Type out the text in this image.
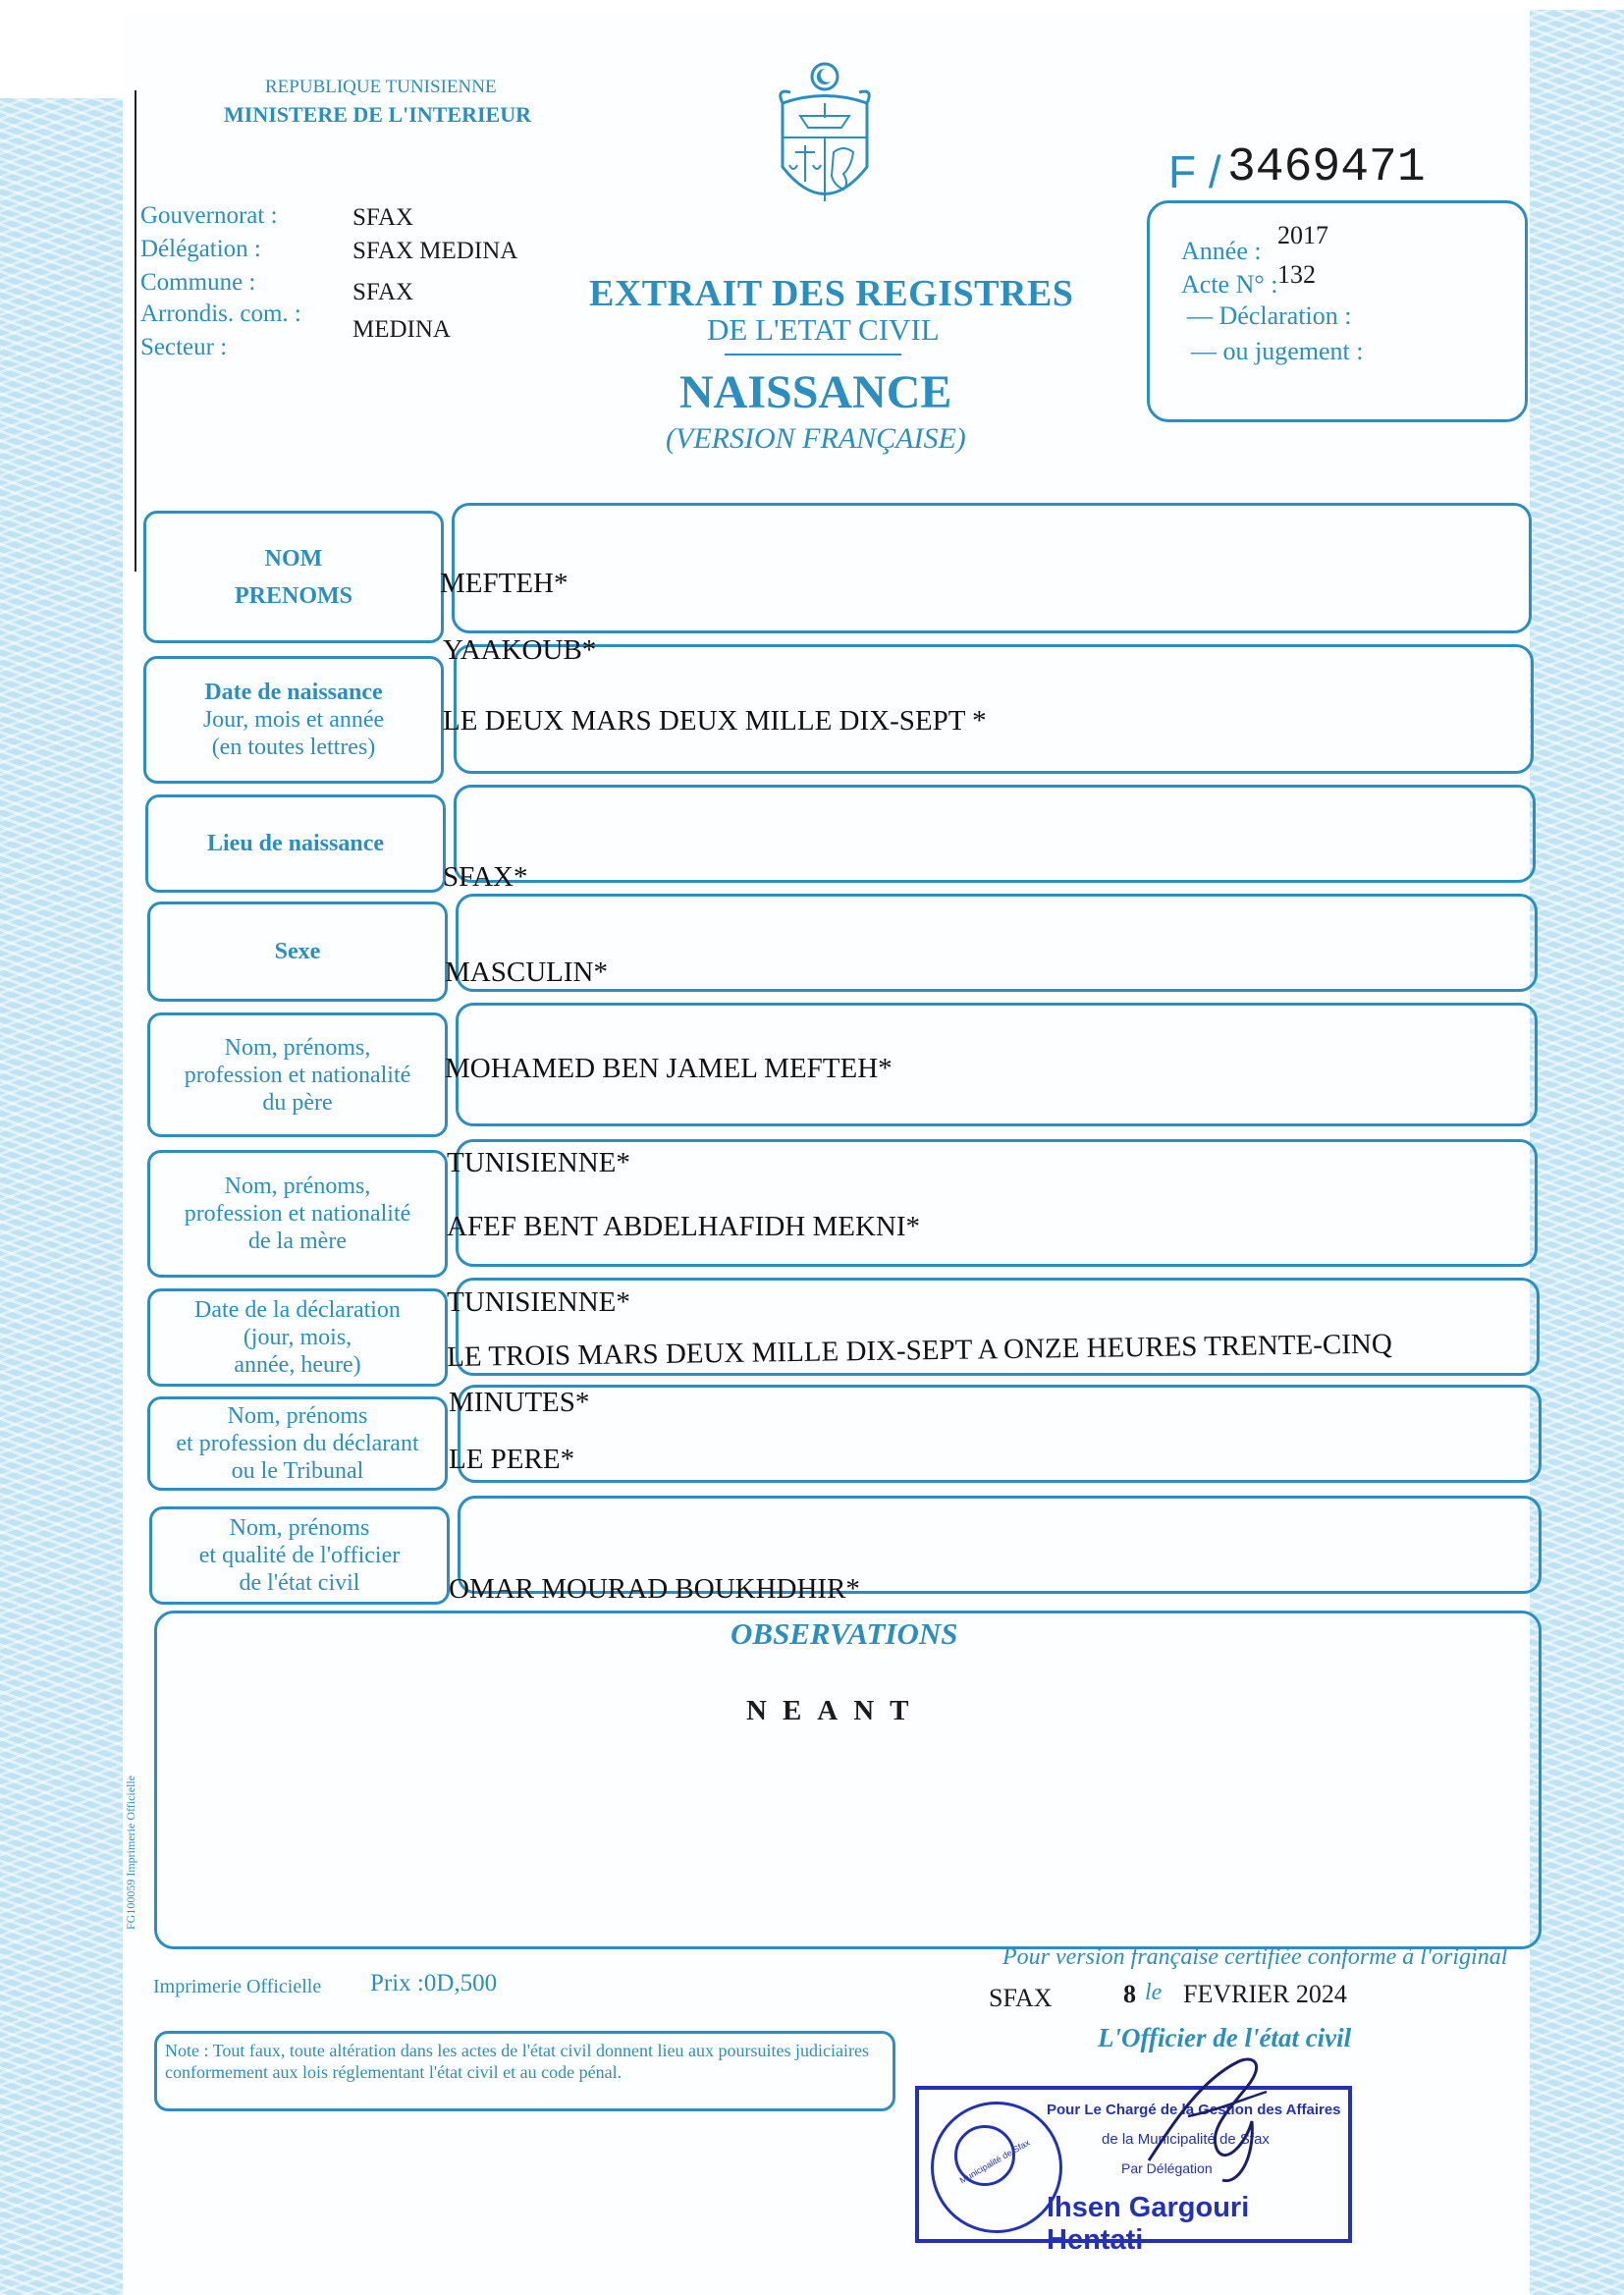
REPUBLIQUE TUNISIENNE
MINISTERE DE L'INTERIEUR
Gouvernorat :
Délégation :
Commune :
Arrondis. com. :
Secteur :
SFAX
SFAX MEDINA
SFAX
MEDINA
F / 3469471
Année :
2017
Acte N° : 132
— Déclaration :
— ou jugement :
EXTRAIT DES REGISTRES
DE L'ETAT CIVIL
NAISSANCE
(VERSION FRANÇAISE)
NOM
PRENOMS
Date de naissance
Jour, mois et année
(en toutes lettres)
Lieu de naissance
Sexe
Nom, prénoms,
profession et nationalité
du père
Nom, prénoms,
profession et nationalité
de la mère
Date de la déclaration
(jour, mois,
année, heure)
Nom, prénoms
et profession du déclarant
ou le Tribunal
Nom, prénoms
et qualité de l'officier
de l'état civil
MEFTEH*
YAAKOUB*
LE DEUX MARS DEUX MILLE DIX-SEPT *
SFAX*
MASCULIN*
MOHAMED BEN JAMEL MEFTEH*
TUNISIENNE*
AFEF BENT ABDELHAFIDH MEKNI*
TUNISIENNE*
LE TROIS MARS DEUX MILLE DIX-SEPT A ONZE HEURES TRENTE-CINQ
MINUTES*
LE PERE*
OMAR MOURAD BOUKHDHIR*
OBSERVATIONS
NEANT
FG100059 Imprimerie Officielle
Imprimerie Officielle Prix :0D,500
Note : Tout faux, toute altération dans les actes de l'état civil donnent lieu aux poursuites judiciaires conformement aux lois réglementant l'état civil et au code pénal.
Pour version française certifiée conforme à l'original
SFAX	8 le FEVRIER 2024
L'Officier de l'état civil
Municipalité de Sfax
Pour Le Chargé de la Gestion des Affaires
de la Municipalité de Sfax
Par Délégation
Ihsen Gargouri Hentati
